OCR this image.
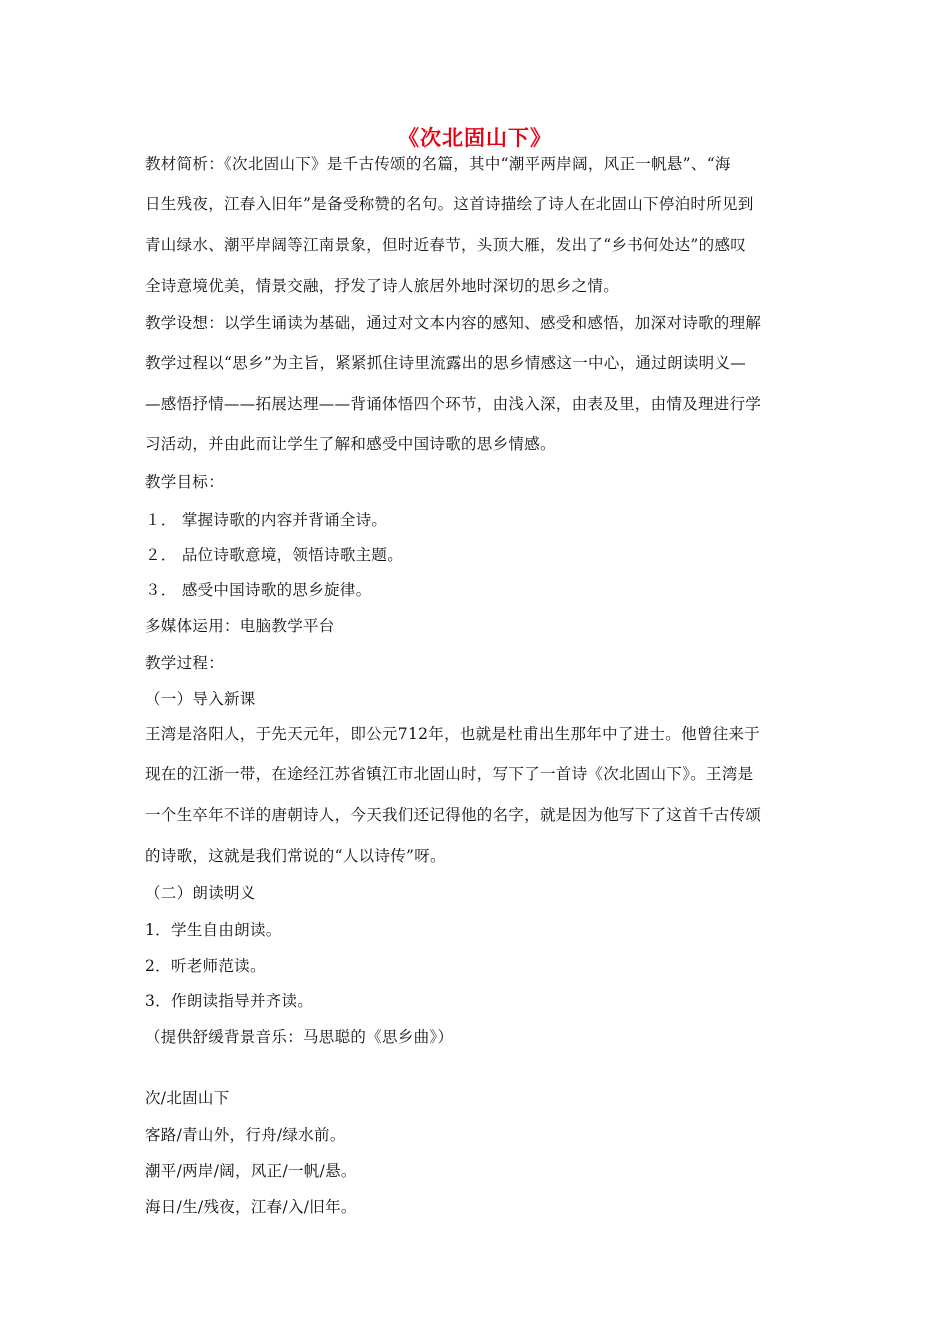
《次北固山下》
教材简析：《次北固山下》是千古传颂的名篇，其中“潮平两岸阔，风正一帆悬”、“海
日生残夜，江春入旧年”是备受称赞的名句。这首诗描绘了诗人在北固山下停泊时所见到
青山绿水、潮平岸阔等江南景象，但时近春节，头顶大雁，发出了“乡书何处达”的感叹
全诗意境优美，情景交融，抒发了诗人旅居外地时深切的思乡之情。
教学设想：以学生诵读为基础，通过对文本内容的感知、感受和感悟，加深对诗歌的理解
教学过程以“思乡”为主旨，紧紧抓住诗里流露出的思乡情感这一中心，通过朗读明义—
—感悟抒情——拓展达理——背诵体悟四个环节，由浅入深，由表及里，由情及理进行学
习活动，并由此而让学生了解和感受中国诗歌的思乡情感。
教学目标：
１． 掌握诗歌的内容并背诵全诗。
２． 品位诗歌意境，领悟诗歌主题。
３． 感受中国诗歌的思乡旋律。
多媒体运用：电脑教学平台
教学过程：
（一）导入新课
王湾是洛阳人，于先天元年，即公元712年，也就是杜甫出生那年中了进士。他曾往来于
现在的江浙一带，在途经江苏省镇江市北固山时，写下了一首诗《次北固山下》。王湾是
一个生卒年不详的唐朝诗人，今天我们还记得他的名字，就是因为他写下了这首千古传颂
的诗歌，这就是我们常说的“人以诗传”呀。
（二）朗读明义
1．学生自由朗读。
2．听老师范读。
3．作朗读指导并齐读。
（提供舒缓背景音乐：马思聪的《思乡曲》）
次/北固山下
客路/青山外，行舟/绿水前。
潮平/两岸/阔，风正/一帆/悬。
海日/生/残夜，江春/入/旧年。
